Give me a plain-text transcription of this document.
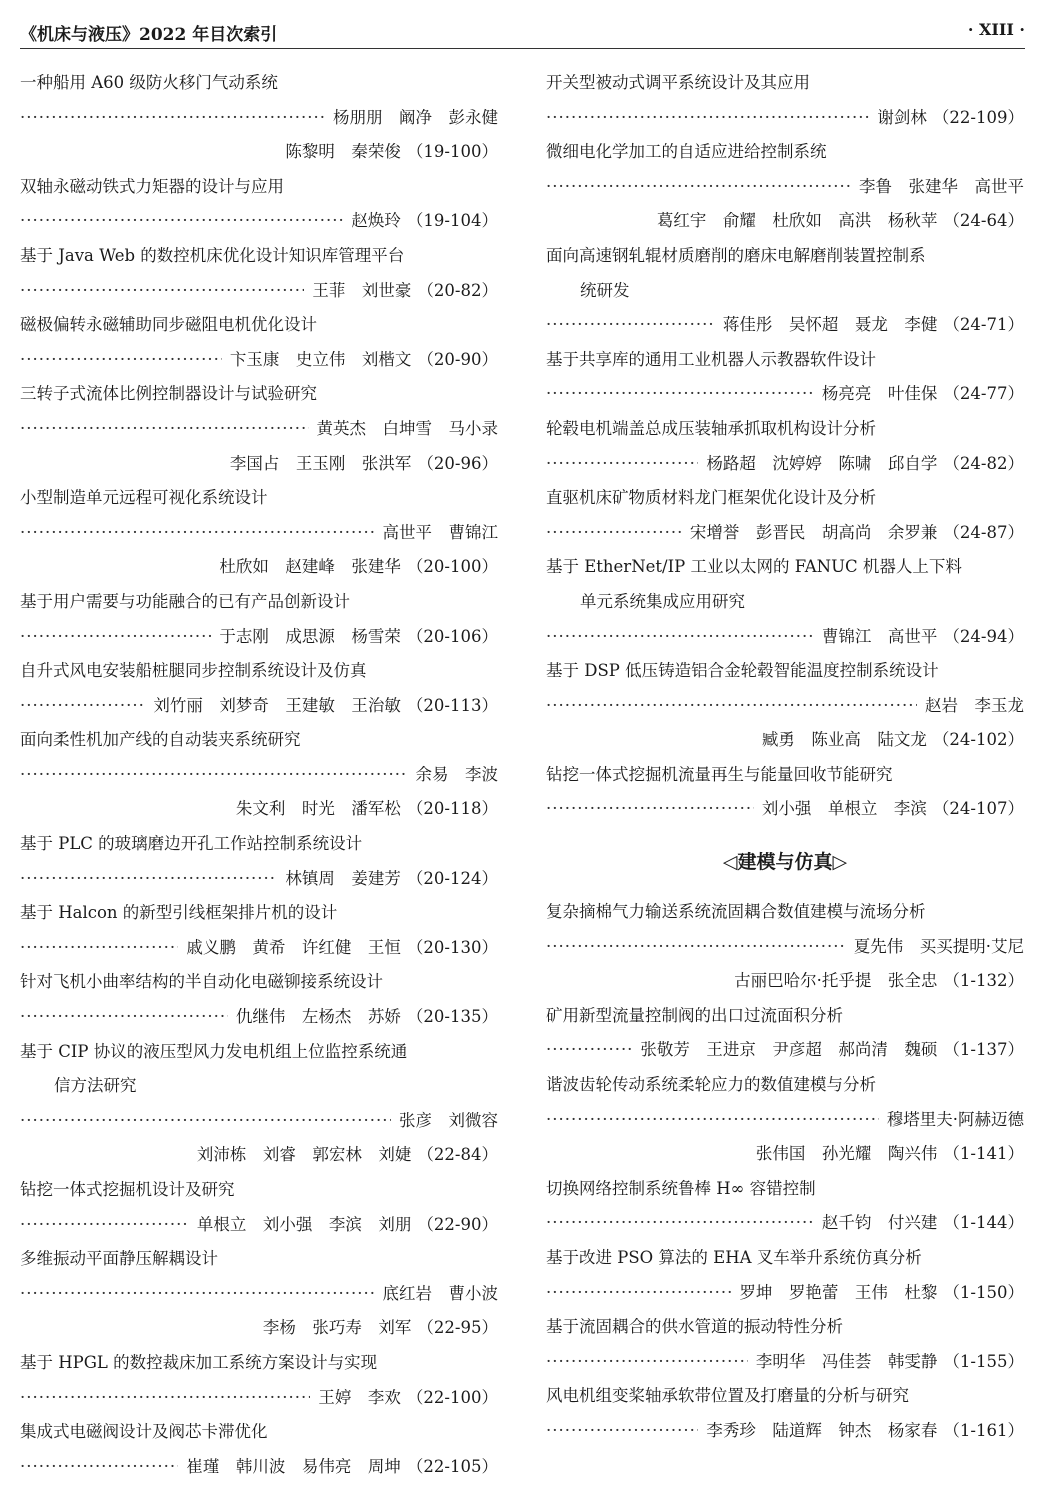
《机床与液压》2022 年目次索引	· XIII ·
一种船用 A60 级防火移门气动系统
·····
杨朋朋　阚净　彭永健
陈黎明　秦荣俊 （19-100）
双轴永磁动铁式力矩器的设计与应用
·····
赵焕玲 （19-104）
基于 Java Web 的数控机床优化设计知识库管理平台
·····
王菲　刘世豪 （20-82）
磁极偏转永磁辅助同步磁阻电机优化设计
·····
卞玉康　史立伟　刘楷文 （20-90）
三转子式流体比例控制器设计与试验研究
·····
黄英杰　白坤雪　马小录
李国占　王玉刚　张洪军 （20-96）
小型制造单元远程可视化系统设计
·····
高世平　曹锦江
杜欣如　赵建峰　张建华 （20-100）
基于用户需要与功能融合的已有产品创新设计
·····
于志刚　成思源　杨雪荣 （20-106）
自升式风电安装船桩腿同步控制系统设计及仿真
·····
刘竹丽　刘梦奇　王建敏　王治敏 （20-113）
面向柔性机加产线的自动装夹系统研究
·····
余易　李波
朱文利　时光　潘军松 （20-118）
基于 PLC 的玻璃磨边开孔工作站控制系统设计
·····
林镇周　姜建芳 （20-124）
基于 Halcon 的新型引线框架排片机的设计
·····
戚义鹏　黄希　许红健　王恒 （20-130）
针对飞机小曲率结构的半自动化电磁铆接系统设计
·····
仇继伟　左杨杰　苏娇 （20-135）
基于 CIP 协议的液压型风力发电机组上位监控系统通
信方法研究
·····
张彦　刘微容
刘沛栋　刘睿　郭宏林　刘婕 （22-84）
钻挖一体式挖掘机设计及研究
·····
单根立　刘小强　李滨　刘朋 （22-90）
多维振动平面静压解耦设计
·····
底红岩　曹小波
李杨　张巧寿　刘军 （22-95）
基于 HPGL 的数控裁床加工系统方案设计与实现
·····
王婷　李欢 （22-100）
集成式电磁阀设计及阀芯卡滞优化
·····
崔瑾　韩川波　易伟亮　周坤 （22-105）
开关型被动式调平系统设计及其应用
·····
谢剑林 （22-109）
微细电化学加工的自适应进给控制系统
·····
李鲁　张建华　高世平
葛红宇　俞耀　杜欣如　高洪　杨秋苹 （24-64）
面向高速钢轧辊材质磨削的磨床电解磨削装置控制系
统研发
·····
蒋佳彤　吴怀超　聂龙　李健 （24-71）
基于共享库的通用工业机器人示教器软件设计
·····
杨亮亮　叶佳保 （24-77）
轮毂电机端盖总成压装轴承抓取机构设计分析
·····
杨路超　沈婷婷　陈啸　邱自学 （24-82）
直驱机床矿物质材料龙门框架优化设计及分析
·····
宋增誉　彭晋民　胡高尚　余罗兼 （24-87）
基于 EtherNet/IP 工业以太网的 FANUC 机器人上下料
单元系统集成应用研究
·····
曹锦江　高世平 （24-94）
基于 DSP 低压铸造铝合金轮毂智能温度控制系统设计
·····
赵岩　李玉龙
臧勇　陈业高　陆文龙 （24-102）
钻挖一体式挖掘机流量再生与能量回收节能研究
·····
刘小强　单根立　李滨 （24-107）
◁建模与仿真▷
复杂摘棉气力输送系统流固耦合数值建模与流场分析
·····
夏先伟　买买提明·艾尼
古丽巴哈尔·托乎提　张全忠 （1-132）
矿用新型流量控制阀的出口过流面积分析
·····
张敬芳　王进京　尹彦超　郝尚清　魏硕 （1-137）
谐波齿轮传动系统柔轮应力的数值建模与分析
·····
穆塔里夫·阿赫迈德
张伟国　孙光耀　陶兴伟 （1-141）
切换网络控制系统鲁棒 H∞ 容错控制
·····
赵千钧　付兴建 （1-144）
基于改进 PSO 算法的 EHA 叉车举升系统仿真分析
·····
罗坤　罗艳蕾　王伟　杜黎 （1-150）
基于流固耦合的供水管道的振动特性分析
·····
李明华　冯佳荟　韩雯静 （1-155）
风电机组变桨轴承软带位置及打磨量的分析与研究
·····
李秀珍　陆道辉　钟杰　杨家春 （1-161）
